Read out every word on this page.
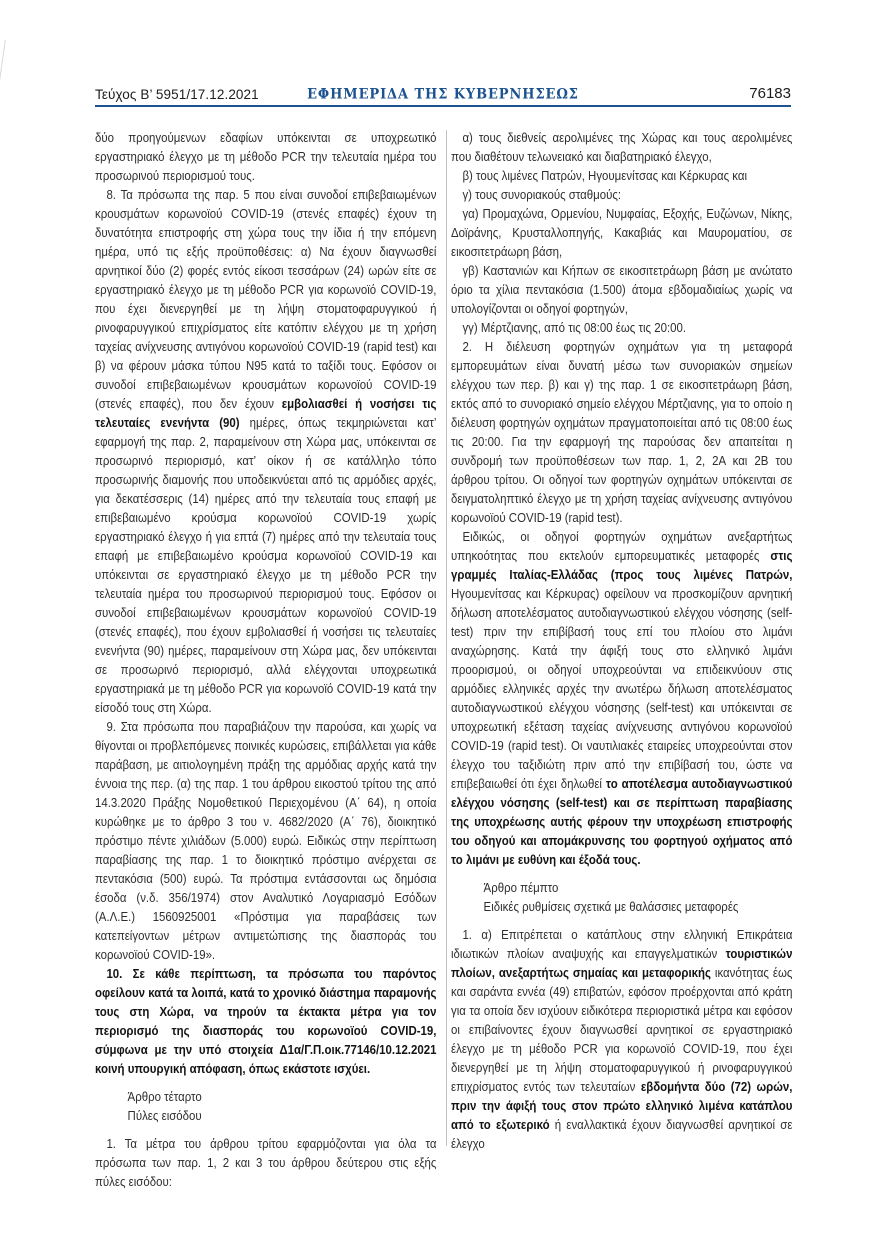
Τεύχος Β’ 5951/17.12.2021	ΕΦΗΜΕΡΙΔΑ ΤΗΣ ΚΥΒΕΡΝΗΣΕΩΣ	76183

δύο προηγούμενων εδαφίων υπόκεινται σε υποχρεωτικό εργαστηριακό έλεγχο με τη μέθοδο PCR την τελευταία ημέρα του προσωρινού περιορισμού τους.

8. Τα πρόσωπα της παρ. 5 που είναι συνοδοί επιβεβαιωμένων κρουσμάτων κορωνοϊού COVID-19 (στενές επαφές) έχουν τη δυνατότητα επιστροφής στη χώρα τους την ίδια ή την επόμενη ημέρα, υπό τις εξής προϋποθέσεις: α) Να έχουν διαγνωσθεί αρνητικοί δύο (2) φορές εντός είκοσι τεσσάρων (24) ωρών είτε σε εργαστηριακό έλεγχο με τη μέθοδο PCR για κορωνοϊό COVID-19, που έχει διενεργηθεί με τη λήψη στοματοφαρυγγικού ή ρινοφαρυγγικού επιχρίσματος είτε κατόπιν ελέγχου με τη χρήση ταχείας ανίχνευσης αντιγόνου κορωνοϊού COVID-19 (rapid test) και β) να φέρουν μάσκα τύπου N95 κατά το ταξίδι τους. Εφόσον οι συνοδοί επιβεβαιωμένων κρουσμάτων κορωνοϊού COVID-19 (στενές επαφές), που δεν έχουν εμβολιασθεί ή νοσήσει τις τελευταίες ενενήντα (90) ημέρες, όπως τεκμηριώνεται κατ’ εφαρμογή της παρ. 2, παραμείνουν στη Χώρα μας, υπόκεινται σε προσωρινό περιορισμό, κατ’ οίκον ή σε κατάλληλο τόπο προσωρινής διαμονής που υποδεικνύεται από τις αρμόδιες αρχές, για δεκατέσσερις (14) ημέρες από την τελευταία τους επαφή με επιβεβαιωμένο κρούσμα κορωνοϊού COVID-19 χωρίς εργαστηριακό έλεγχο ή για επτά (7) ημέρες από την τελευταία τους επαφή με επιβεβαιωμένο κρούσμα κορωνοϊού COVID-19 και υπόκεινται σε εργαστηριακό έλεγχο με τη μέθοδο PCR την τελευταία ημέρα του προσωρινού περιορισμού τους. Εφόσον οι συνοδοί επιβεβαιωμένων κρουσμάτων κορωνοϊού COVID-19 (στενές επαφές), που έχουν εμβολιασθεί ή νοσήσει τις τελευταίες ενενήντα (90) ημέρες, παραμείνουν στη Χώρα μας, δεν υπόκεινται σε προσωρινό περιορισμό, αλλά ελέγχονται υποχρεωτικά εργαστηριακά με τη μέθοδο PCR για κορωνοϊό COVID-19 κατά την είσοδό τους στη Χώρα.

9. Στα πρόσωπα που παραβιάζουν την παρούσα, και χωρίς να θίγονται οι προβλεπόμενες ποινικές κυρώσεις, επιβάλλεται για κάθε παράβαση, με αιτιολογημένη πράξη της αρμόδιας αρχής κατά την έννοια της περ. (α) της παρ. 1 του άρθρου εικοστού τρίτου της από 14.3.2020 Πράξης Νομοθετικού Περιεχομένου (Α΄ 64), η οποία κυρώθηκε με το άρθρο 3 του ν. 4682/2020 (Α΄ 76), διοικητικό πρόστιμο πέντε χιλιάδων (5.000) ευρώ. Ειδικώς στην περίπτωση παραβίασης της παρ. 1 το διοικητικό πρόστιμο ανέρχεται σε πεντακόσια (500) ευρώ. Τα πρόστιμα εντάσσονται ως δημόσια έσοδα (ν.δ. 356/1974) στον Αναλυτικό Λογαριασμό Εσόδων (Α.Λ.Ε.) 1560925001 «Πρόστιμα για παραβάσεις των κατεπείγοντων μέτρων αντιμετώπισης της διασποράς του κορωνοϊού COVID-19».

10. Σε κάθε περίπτωση, τα πρόσωπα του παρόντος οφείλουν κατά τα λοιπά, κατά το χρονικό διάστημα παραμονής τους στη Χώρα, να τηρούν τα έκτακτα μέτρα για τον περιορισμό της διασποράς του κορωνοϊού COVID-19, σύμφωνα με την υπό στοιχεία Δ1α/Γ.Π.οικ.77146/10.12.2021 κοινή υπουργική απόφαση, όπως εκάστοτε ισχύει.

Άρθρο τέταρτο
Πύλες εισόδου

1. Τα μέτρα του άρθρου τρίτου εφαρμόζονται για όλα τα πρόσωπα των παρ. 1, 2 και 3 του άρθρου δεύτερου στις εξής πύλες εισόδου:

α) τους διεθνείς αερολιμένες της Χώρας και τους αερολιμένες που διαθέτουν τελωνειακό και διαβατηριακό έλεγχο,

β) τους λιμένες Πατρών, Ηγουμενίτσας και Κέρκυρας και

γ) τους συνοριακούς σταθμούς:

γα) Προμαχώνα, Ορμενίου, Νυμφαίας, Εξοχής, Ευζώνων, Νίκης, Δοϊράνης, Κρυσταλλοπηγής, Κακαβιάς και Μαυροματίου, σε εικοσιτετράωρη βάση,

γβ) Καστανιών και Κήπων σε εικοσιτετράωρη βάση με ανώτατο όριο τα χίλια πεντακόσια (1.500) άτομα εβδομαδιαίως χωρίς να υπολογίζονται οι οδηγοί φορτηγών,

γγ) Μέρτζιανης, από τις 08:00 έως τις 20:00.

2. Η διέλευση φορτηγών οχημάτων για τη μεταφορά εμπορευμάτων είναι δυνατή μέσω των συνοριακών σημείων ελέγχου των περ. β) και γ) της παρ. 1 σε εικοσιτετράωρη βάση, εκτός από το συνοριακό σημείο ελέγχου Μέρτζιανης, για το οποίο η διέλευση φορτηγών οχημάτων πραγματοποιείται από τις 08:00 έως τις 20:00. Για την εφαρμογή της παρούσας δεν απαιτείται η συνδρομή των προϋποθέσεων των παρ. 1, 2, 2Α και 2Β του άρθρου τρίτου. Οι οδηγοί των φορτηγών οχημάτων υπόκεινται σε δειγματοληπτικό έλεγχο με τη χρήση ταχείας ανίχνευσης αντιγόνου κορωνοϊού COVID-19 (rapid test).

Ειδικώς, οι οδηγοί φορτηγών οχημάτων ανεξαρτήτως υπηκοότητας που εκτελούν εμπορευματικές μεταφορές στις γραμμές Ιταλίας-Ελλάδας (προς τους λιμένες Πατρών, Ηγουμενίτσας και Κέρκυρας) οφείλουν να προσκομίζουν αρνητική δήλωση αποτελέσματος αυτοδιαγνωστικού ελέγχου νόσησης (self-test) πριν την επιβίβασή τους επί του πλοίου στο λιμάνι αναχώρησης. Κατά την άφιξή τους στο ελληνικό λιμάνι προορισμού, οι οδηγοί υποχρεούνται να επιδεικνύουν στις αρμόδιες ελληνικές αρχές την ανωτέρω δήλωση αποτελέσματος αυτοδιαγνωστικού ελέγχου νόσησης (self-test) και υπόκεινται σε υποχρεωτική εξέταση ταχείας ανίχνευσης αντιγόνου κορωνοϊού COVID-19 (rapid test). Οι ναυτιλιακές εταιρείες υποχρεούνται στον έλεγχο του ταξιδιώτη πριν από την επιβίβασή του, ώστε να επιβεβαιωθεί ότι έχει δηλωθεί το αποτέλεσμα αυτοδιαγνωστικού ελέγχου νόσησης (self-test) και σε περίπτωση παραβίασης της υποχρέωσης αυτής φέρουν την υποχρέωση επιστροφής του οδηγού και απομάκρυνσης του φορτηγού οχήματος από το λιμάνι με ευθύνη και έξοδά τους.

Άρθρο πέμπτο
Ειδικές ρυθμίσεις σχετικά με θαλάσσιες μεταφορές

1. α) Επιτρέπεται ο κατάπλους στην ελληνική Επικράτεια ιδιωτικών πλοίων αναψυχής και επαγγελματικών τουριστικών πλοίων, ανεξαρτήτως σημαίας και μεταφορικής ικανότητας έως και σαράντα εννέα (49) επιβατών, εφόσον προέρχονται από κράτη για τα οποία δεν ισχύουν ειδικότερα περιοριστικά μέτρα και εφόσον οι επιβαίνοντες έχουν διαγνωσθεί αρνητικοί σε εργαστηριακό έλεγχο με τη μέθοδο PCR για κορωνοϊό COVID-19, που έχει διενεργηθεί με τη λήψη στοματοφαρυγγικού ή ρινοφαρυγγικού επιχρίσματος εντός των τελευταίων εβδομήντα δύο (72) ωρών, πριν την άφιξή τους στον πρώτο ελληνικό λιμένα κατάπλου από το εξωτερικό ή εναλλακτικά έχουν διαγνωσθεί αρνητικοί σε έλεγχο
